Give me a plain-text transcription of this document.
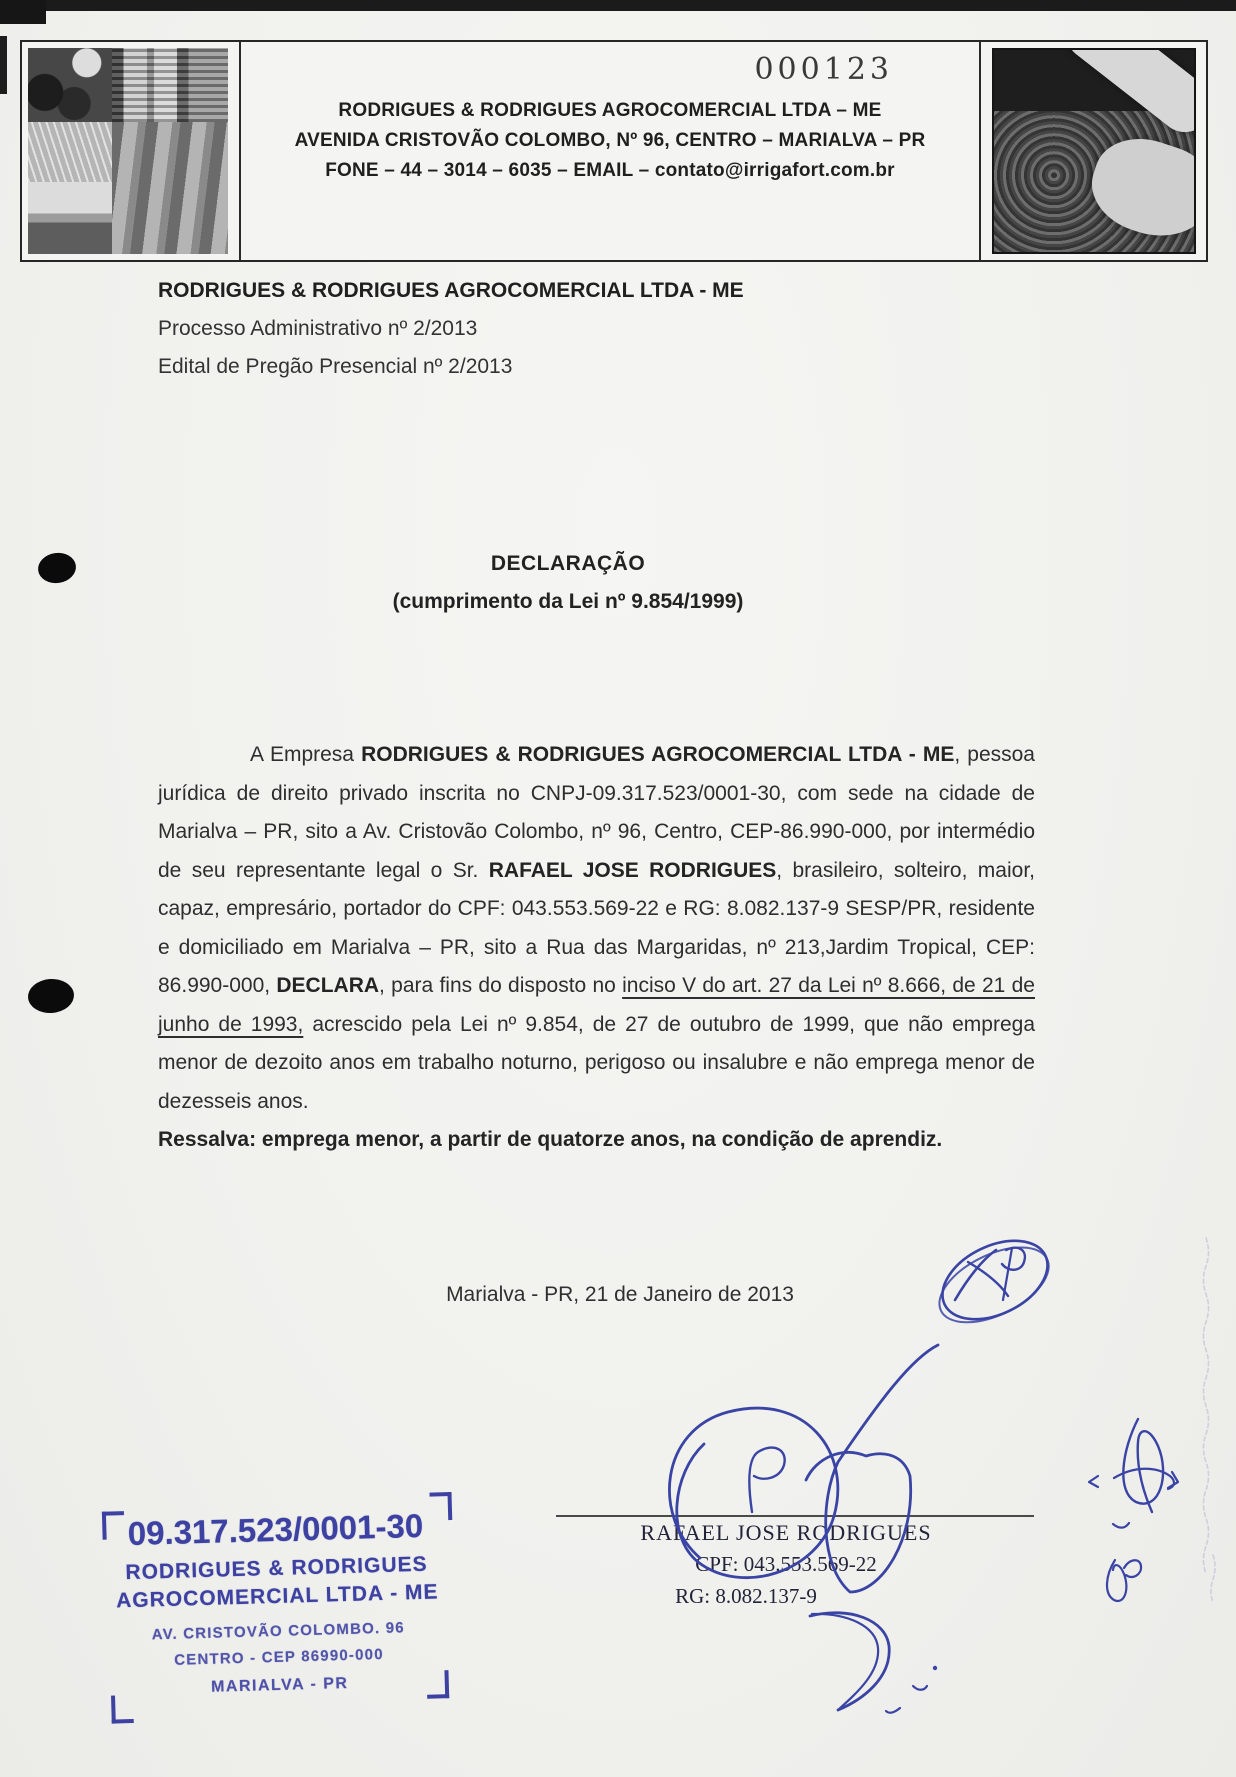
000123
RODRIGUES & RODRIGUES AGROCOMERCIAL LTDA – ME
AVENIDA CRISTOVÃO COLOMBO, Nº 96, CENTRO – MARIALVA – PR
FONE – 44 – 3014 – 6035 – EMAIL – contato@irrigafort.com.br
RODRIGUES & RODRIGUES AGROCOMERCIAL LTDA - ME
Processo Administrativo nº 2/2013
Edital de Pregão Presencial nº 2/2013
DECLARAÇÃO
(cumprimento da Lei nº 9.854/1999)

A Empresa RODRIGUES & RODRIGUES AGROCOMERCIAL LTDA - ME, pessoa jurídica de direito privado inscrita no CNPJ-09.317.523/0001-30, com sede na cidade de Marialva – PR, sito a Av. Cristovão Colombo, nº 96, Centro, CEP-86.990-000, por intermédio de seu representante legal o Sr. RAFAEL JOSE RODRIGUES, brasileiro, solteiro, maior, capaz, empresário, portador do CPF: 043.553.569-22 e RG: 8.082.137-9 SESP/PR, residente e domiciliado em Marialva – PR, sito a Rua das Margaridas, nº 213,Jardim Tropical, CEP: 86.990-000, DECLARA, para fins do disposto no inciso V do art. 27 da Lei nº 8.666, de 21 de junho de 1993, acrescido pela Lei nº 9.854, de 27 de outubro de 1999, que não emprega menor de dezoito anos em trabalho noturno, perigoso ou insalubre e não emprega menor de dezesseis anos.

Ressalva: emprega menor, a partir de quatorze anos, na condição de aprendiz.

Marialva - PR, 21 de Janeiro de 2013
RAFAEL JOSE RODRIGUES
CPF: 043.553.569-22
RG: 8.082.137-9
09.317.523/0001-30
RODRIGUES & RODRIGUES
AGROCOMERCIAL LTDA - ME
AV. CRISTOVÃO COLOMBO. 96
CENTRO - CEP 86990-000
MARIALVA - PR
